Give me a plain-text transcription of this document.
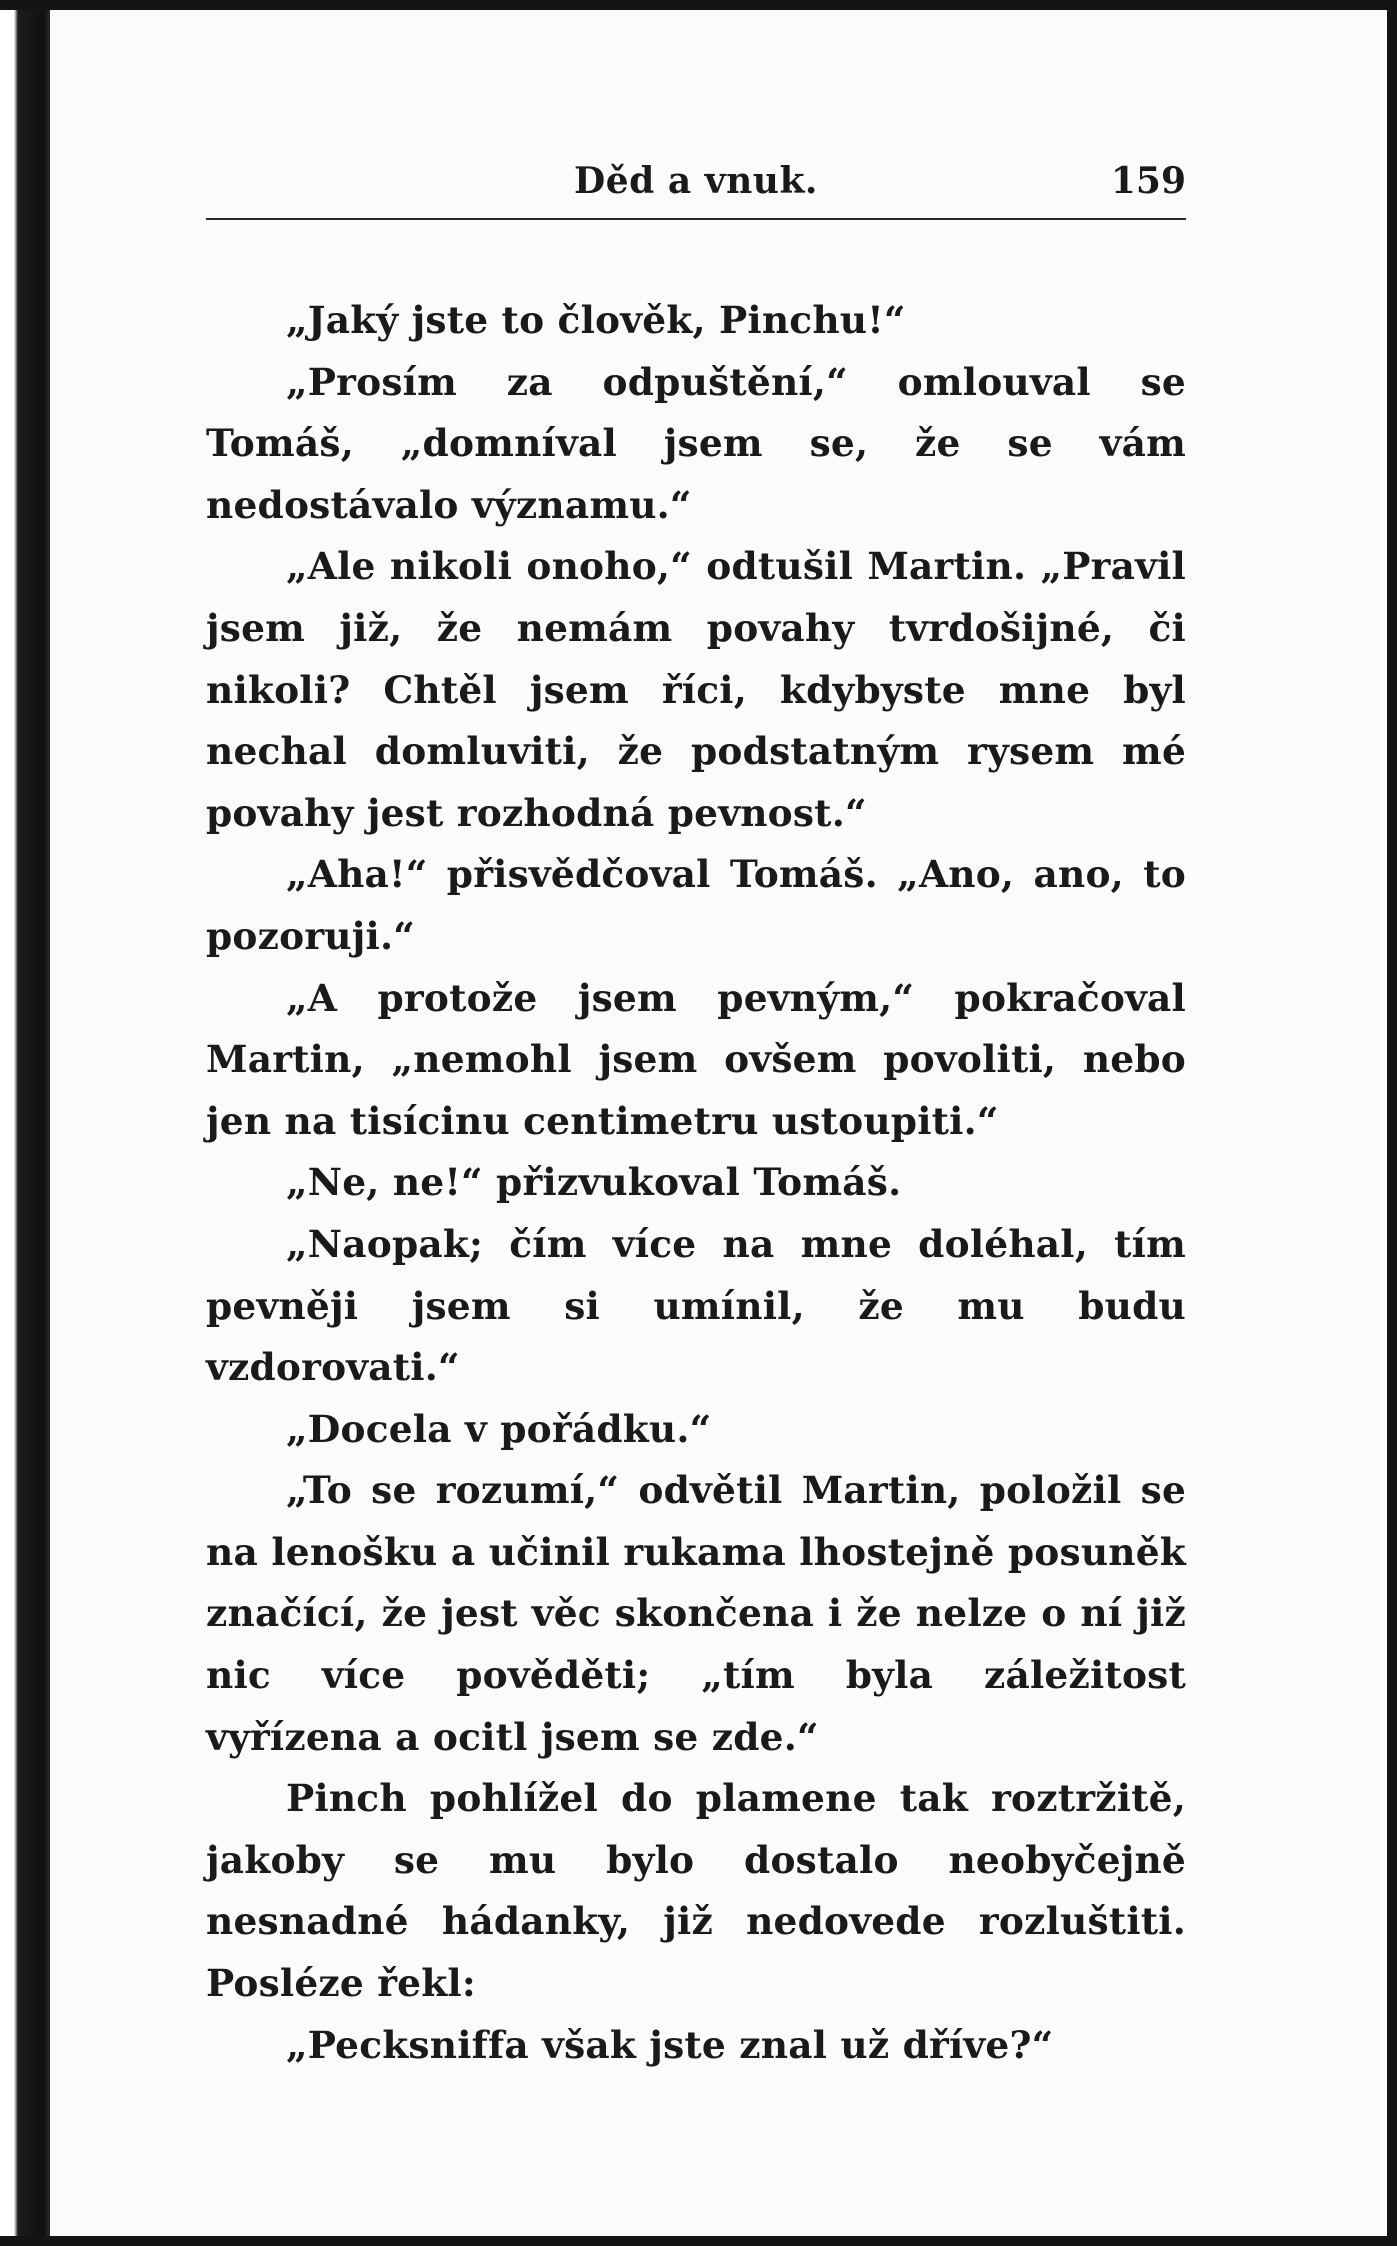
Děd a vnuk.	159

„Jaký jste to člověk, Pinchu!“

„Prosím za odpuštění,“ omlouval se Tomáš, „domníval jsem se, že se vám nedostávalo významu.“

„Ale nikoli onoho,“ odtušil Martin. „Pravil jsem již, že nemám povahy tvrdošijné, či nikoli? Chtěl jsem říci, kdybyste mne byl nechal domluviti, že podstatným rysem mé povahy jest rozhodná pevnost.“

„Aha!“ přisvědčoval Tomáš. „Ano, ano, to pozoruji.“

„A protože jsem pevným,“ pokračoval Martin, „nemohl jsem ovšem povoliti, nebo jen na tisícinu centimetru ustoupiti.“

„Ne, ne!“ přizvukoval Tomáš.

„Naopak; čím více na mne doléhal, tím pevněji jsem si umínil, že mu budu vzdorovati.“

„Docela v pořádku.“

„To se rozumí,“ odvětil Martin, položil se na lenošku a učinil rukama lhostejně posuněk značící, že jest věc skončena i že nelze o ní již nic více pověděti; „tím byla záležitost vyřízena a ocitl jsem se zde.“

Pinch pohlížel do plamene tak roztržitě, jakoby se mu bylo dostalo neobyčejně nesnadné hádanky, již nedovede rozluštiti. Posléze řekl:

„Pecksniffa však jste znal už dříve?“
